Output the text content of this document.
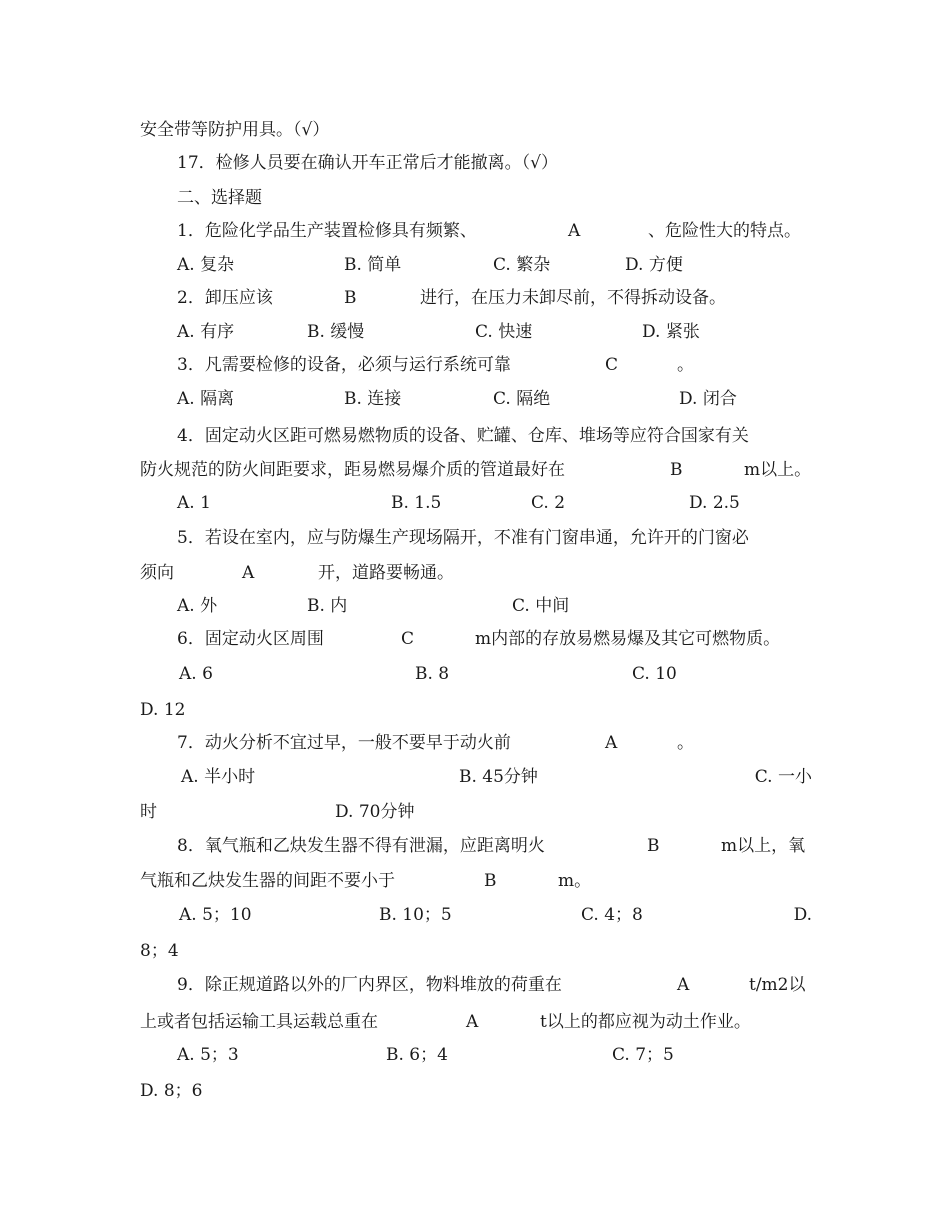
安全带等防护用具。（√）
17．检修人员要在确认开车正常后才能撤离。（√）
二、选择题
1．危险化学品生产装置检修具有频繁、	A	、危险性大的特点。
A. 复杂	B. 简单	C. 繁杂	D. 方便
2．卸压应该	B	进行，在压力未卸尽前，不得拆动设备。
A. 有序	B. 缓慢	C. 快速	D. 紧张
3．凡需要检修的设备，必须与运行系统可靠	C	。
A. 隔离	B. 连接	C. 隔绝	D. 闭合
4．固定动火区距可燃易燃物质的设备、贮罐、仓库、堆场等应符合国家有关
防火规范的防火间距要求，距易燃易爆介质的管道最好在	B	m以上。
A. 1	B. 1.5	C. 2	D. 2.5
5．若设在室内，应与防爆生产现场隔开，不准有门窗串通，允许开的门窗必
须向	A	开，道路要畅通。
A. 外	B. 内	C. 中间
6．固定动火区周围	C	m内部的存放易燃易爆及其它可燃物质。
A. 6	B. 8	C. 10
D. 12
7．动火分析不宜过早，一般不要早于动火前	A	。
A. 半小时	B. 45分钟	C. 一小
时	D. 70分钟
8．氧气瓶和乙炔发生器不得有泄漏，应距离明火	B	m以上，氧
气瓶和乙炔发生器的间距不要小于	B	m。
A. 5；10	B. 10；5	C. 4；8	D.
8；4
9．除正规道路以外的厂内界区，物料堆放的荷重在	A	t/m2以
上或者包括运输工具运载总重在	A	t以上的都应视为动土作业。
A. 5；3	B. 6；4	C. 7；5
D. 8；6
